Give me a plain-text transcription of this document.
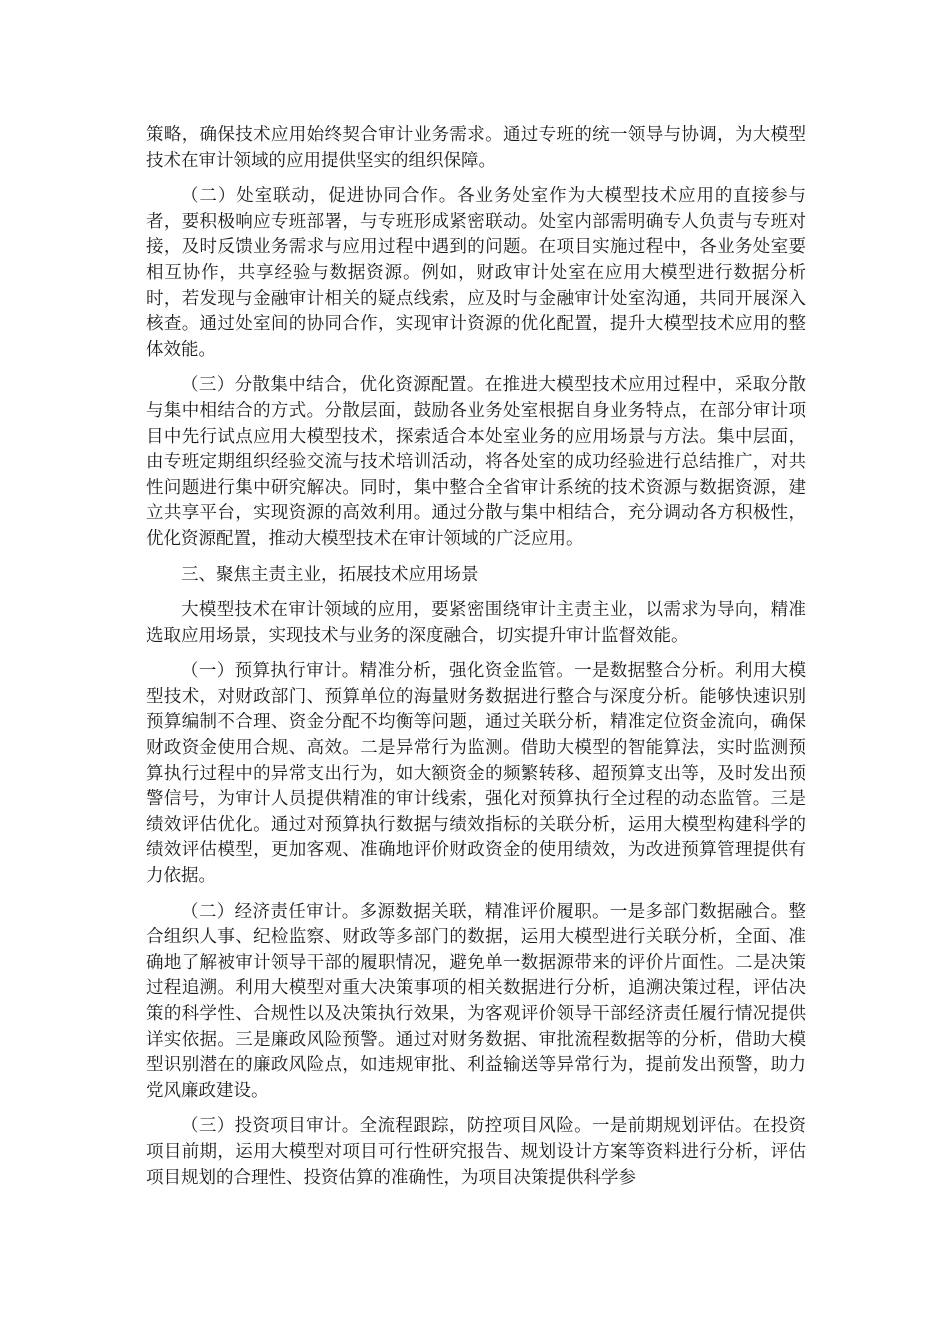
策略，确保技术应用始终契合审计业务需求。通过专班的统一领导与协调，为大模型技术在审计领域的应用提供坚实的组织保障。

（二）处室联动，促进协同合作。各业务处室作为大模型技术应用的直接参与者，要积极响应专班部署，与专班形成紧密联动。处室内部需明确专人负责与专班对接，及时反馈业务需求与应用过程中遇到的问题。在项目实施过程中，各业务处室要相互协作，共享经验与数据资源。例如，财政审计处室在应用大模型进行数据分析时，若发现与金融审计相关的疑点线索，应及时与金融审计处室沟通，共同开展深入核查。通过处室间的协同合作，实现审计资源的优化配置，提升大模型技术应用的整体效能。

（三）分散集中结合，优化资源配置。在推进大模型技术应用过程中，采取分散与集中相结合的方式。分散层面，鼓励各业务处室根据自身业务特点，在部分审计项目中先行试点应用大模型技术，探索适合本处室业务的应用场景与方法。集中层面，由专班定期组织经验交流与技术培训活动，将各处室的成功经验进行总结推广，对共性问题进行集中研究解决。同时，集中整合全省审计系统的技术资源与数据资源，建立共享平台，实现资源的高效利用。通过分散与集中相结合，充分调动各方积极性，优化资源配置，推动大模型技术在审计领域的广泛应用。

三、聚焦主责主业，拓展技术应用场景

大模型技术在审计领域的应用，要紧密围绕审计主责主业，以需求为导向，精准选取应用场景，实现技术与业务的深度融合，切实提升审计监督效能。

（一）预算执行审计。精准分析，强化资金监管。一是数据整合分析。利用大模型技术，对财政部门、预算单位的海量财务数据进行整合与深度分析。能够快速识别预算编制不合理、资金分配不均衡等问题，通过关联分析，精准定位资金流向，确保财政资金使用合规、高效。二是异常行为监测。借助大模型的智能算法，实时监测预算执行过程中的异常支出行为，如大额资金的频繁转移、超预算支出等，及时发出预警信号，为审计人员提供精准的审计线索，强化对预算执行全过程的动态监管。三是绩效评估优化。通过对预算执行数据与绩效指标的关联分析，运用大模型构建科学的绩效评估模型，更加客观、准确地评价财政资金的使用绩效，为改进预算管理提供有力依据。

（二）经济责任审计。多源数据关联，精准评价履职。一是多部门数据融合。整合组织人事、纪检监察、财政等多部门的数据，运用大模型进行关联分析，全面、准确地了解被审计领导干部的履职情况，避免单一数据源带来的评价片面性。二是决策过程追溯。利用大模型对重大决策事项的相关数据进行分析，追溯决策过程，评估决策的科学性、合规性以及决策执行效果，为客观评价领导干部经济责任履行情况提供详实依据。三是廉政风险预警。通过对财务数据、审批流程数据等的分析，借助大模型识别潜在的廉政风险点，如违规审批、利益输送等异常行为，提前发出预警，助力党风廉政建设。

（三）投资项目审计。全流程跟踪，防控项目风险。一是前期规划评估。在投资项目前期，运用大模型对项目可行性研究报告、规划设计方案等资料进行分析，评估项目规划的合理性、投资估算的准确性，为项目决策提供科学参
